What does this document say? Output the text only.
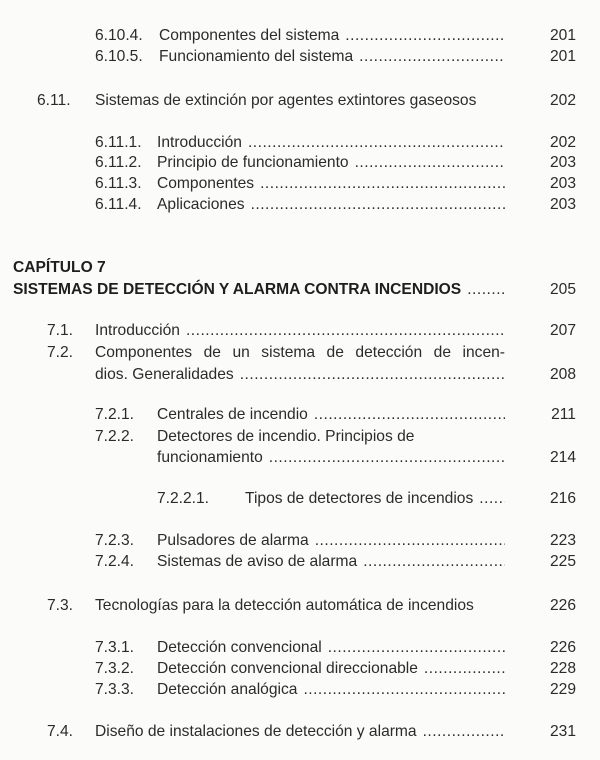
6.10.4. Componentes del sistema .....	201
6.10.5. Funcionamiento del sistema .....	201
6.11. Sistemas de extinción por agentes extintores gaseosos	202
6.11.1. Introducción .....	202
6.11.2. Principio de funcionamiento .....	203
6.11.3. Componentes .....	203
6.11.4. Aplicaciones .....	203
CAPÍTULO 7
SISTEMAS DE DETECCIÓN Y ALARMA CONTRA INCENDIOS .....	205
7.1. Introducción .....	207
7.2. Componentes de un sistema de detección de incen-
dios. Generalidades .....	208
7.2.1. Centrales de incendio .....	211
7.2.2. Detectores de incendio. Principios de
funcionamiento .....	214
7.2.2.1. Tipos de detectores de incendios .....	216
7.2.3. Pulsadores de alarma .....	223
7.2.4. Sistemas de aviso de alarma .....	225
7.3. Tecnologías para la detección automática de incendios	226
7.3.1. Detección convencional .....	226
7.3.2. Detección convencional direccionable .....	228
7.3.3. Detección analógica .....	229
7.4. Diseño de instalaciones de detección y alarma .....	231
